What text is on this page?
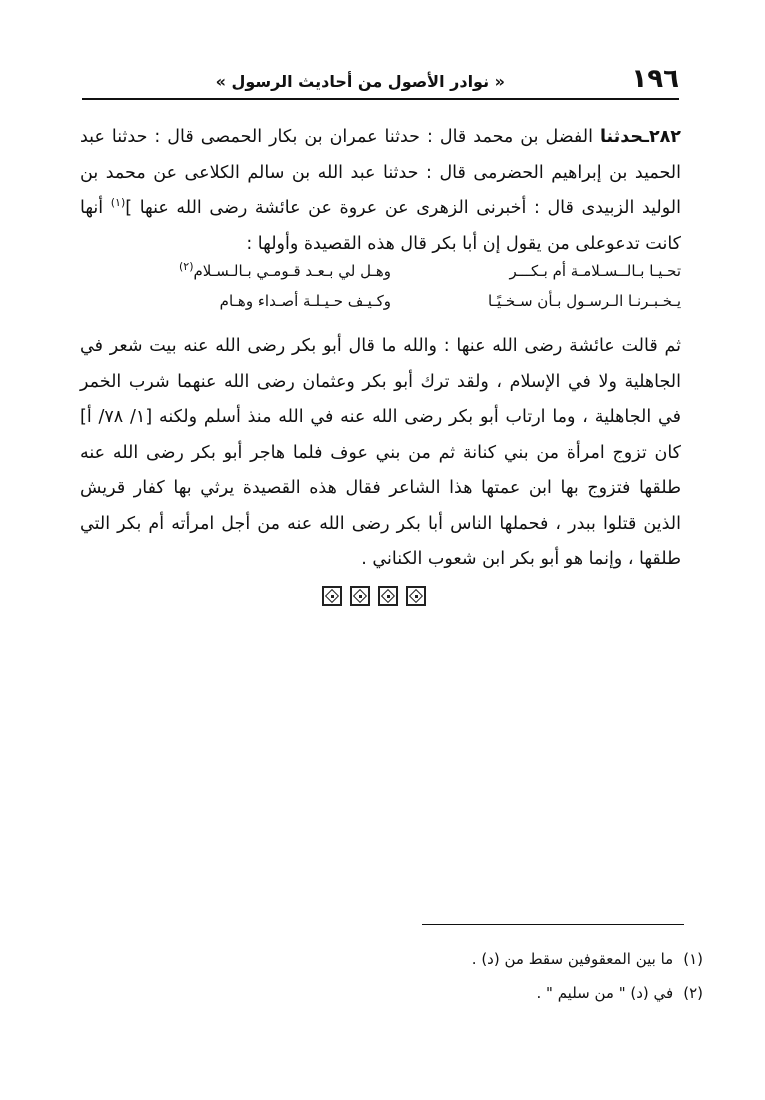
١٩٦
« نوادر الأصول من أحاديث الرسول »

٢٨٢ـحدثنا الفضل بن محمد قال : حدثنا عمران بن بكار الحمصى قال : حدثنا عبد الحميد بن إبراهيم الحضرمى قال : حدثنا عبد الله بن سالم الكلاعى عن محمد بن الوليد الزبيدى قال : أخبرنى الزهرى عن عروة عن عائشة رضى الله عنها ]$^{(١)}$ أنها كانت تدعوعلى من يقول إن أبا بكر قال هذه القصيدة وأولها :

تحـيـا بـالــسـلامـة أم بـكـــر
وهـل لي بـعـد قـومـي بـالـسـلام$^{(٢)}$
يـخـبـرنـا الـرسـول بـأن سـخـيًـا
وكـيـف حـيـلـة أصـداء وهـام

ثم قالت عائشة رضى الله عنها : والله ما قال أبو بكر رضى الله عنه بيت شعر في الجاهلية ولا في الإسلام ، ولقد ترك أبو بكر وعثمان رضى الله عنهما شرب الخمر في الجاهلية ، وما ارتاب أبو بكر رضى الله عنه في الله منذ أسلم ولكنه [١/ ٧٨/ أ] كان تزوج امرأة من بني كنانة ثم من بني عوف فلما هاجر أبو بكر رضى الله عنه طلقها فتزوج بها ابن عمتها هذا الشاعر فقال هذه القصيدة يرثي بها كفار قريش الذين قتلوا ببدر ، فحملها الناس أبا بكر رضى الله عنه من أجل امرأته أم بكر التي طلقها ، وإنما هو أبو بكر ابن شعوب الكناني .

(١)ما بين المعقوفين سقط من (د) .
(٢)في (د) " من سليم " .
